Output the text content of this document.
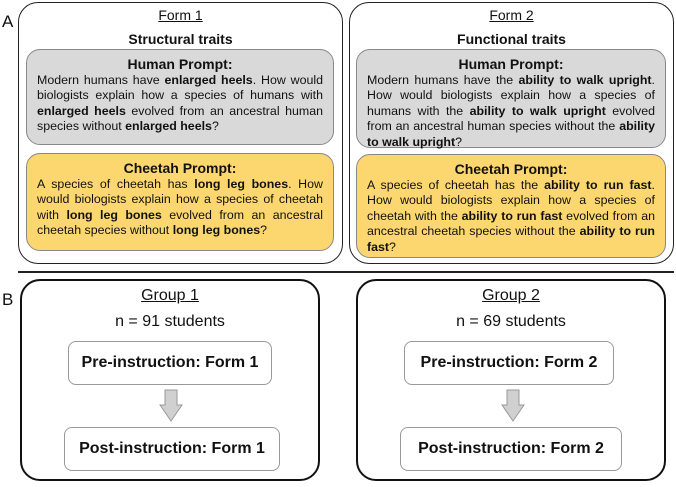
A	Form 1
Structural traits
Human Prompt:
Modern humans have enlarged heels. How would biologists explain how a species of humans with enlarged heels evolved from an ancestral human species without enlarged heels?
Cheetah Prompt:
A species of cheetah has long leg bones. How would biologists explain how a species of cheetah with long leg bones evolved from an ancestral cheetah species without long leg bones?
Form 2
Functional traits
Human Prompt:
Modern humans have the ability to walk upright. How would biologists explain how a species of humans with the ability to walk upright evolved from an ancestral human species without the ability to walk upright?
Cheetah Prompt:
A species of cheetah has the ability to run fast. How would biologists explain how a species of cheetah with the ability to run fast evolved from an ancestral cheetah species without the ability to run fast?
B	Group 1
n = 91 students
Pre-instruction: Form 1
Post-instruction: Form 1
Group 2
n = 69 students
Pre-instruction: Form 2
Post-instruction: Form 2
